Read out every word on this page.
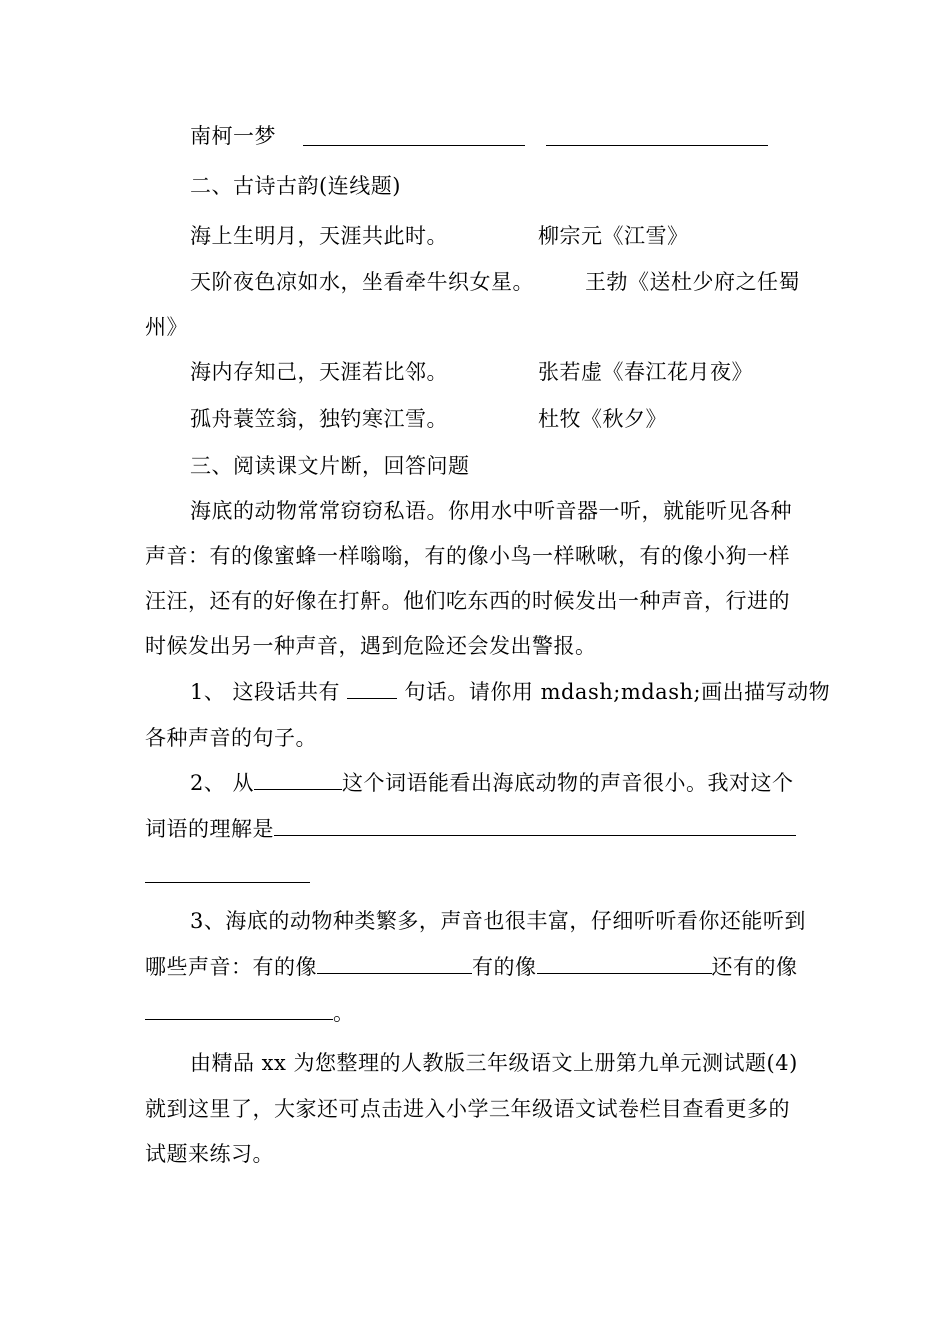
南柯一梦
二、古诗古韵(连线题)
海上生明月，天涯共此时。	柳宗元《江雪》
天阶夜色凉如水，坐看牵牛织女星。 王勃《送杜少府之任蜀
州》
海内存知己，天涯若比邻。	张若虚《春江花月夜》
孤舟蓑笠翁，独钓寒江雪。	杜牧《秋夕》
三、阅读课文片断，回答问题
海底的动物常常窃窃私语。你用水中听音器一听，就能听见各种
声音：有的像蜜蜂一样嗡嗡，有的像小鸟一样啾啾，有的像小狗一样
汪汪，还有的好像在打鼾。他们吃东西的时候发出一种声音，行进的
时候发出另一种声音，遇到危险还会发出警报。
1、 这段话共有  句话。请你用 mdash;mdash;画出描写动物
各种声音的句子。
2、 从	这个词语能看出海底动物的声音很小。我对这个
词语的理解是
3、海底的动物种类繁多，声音也很丰富，仔细听听看你还能听到
哪些声音：有的像	有的像	还有的像
。
由精品 xx 为您整理的人教版三年级语文上册第九单元测试题(4)
就到这里了，大家还可点击进入小学三年级语文试卷栏目查看更多的
试题来练习。
